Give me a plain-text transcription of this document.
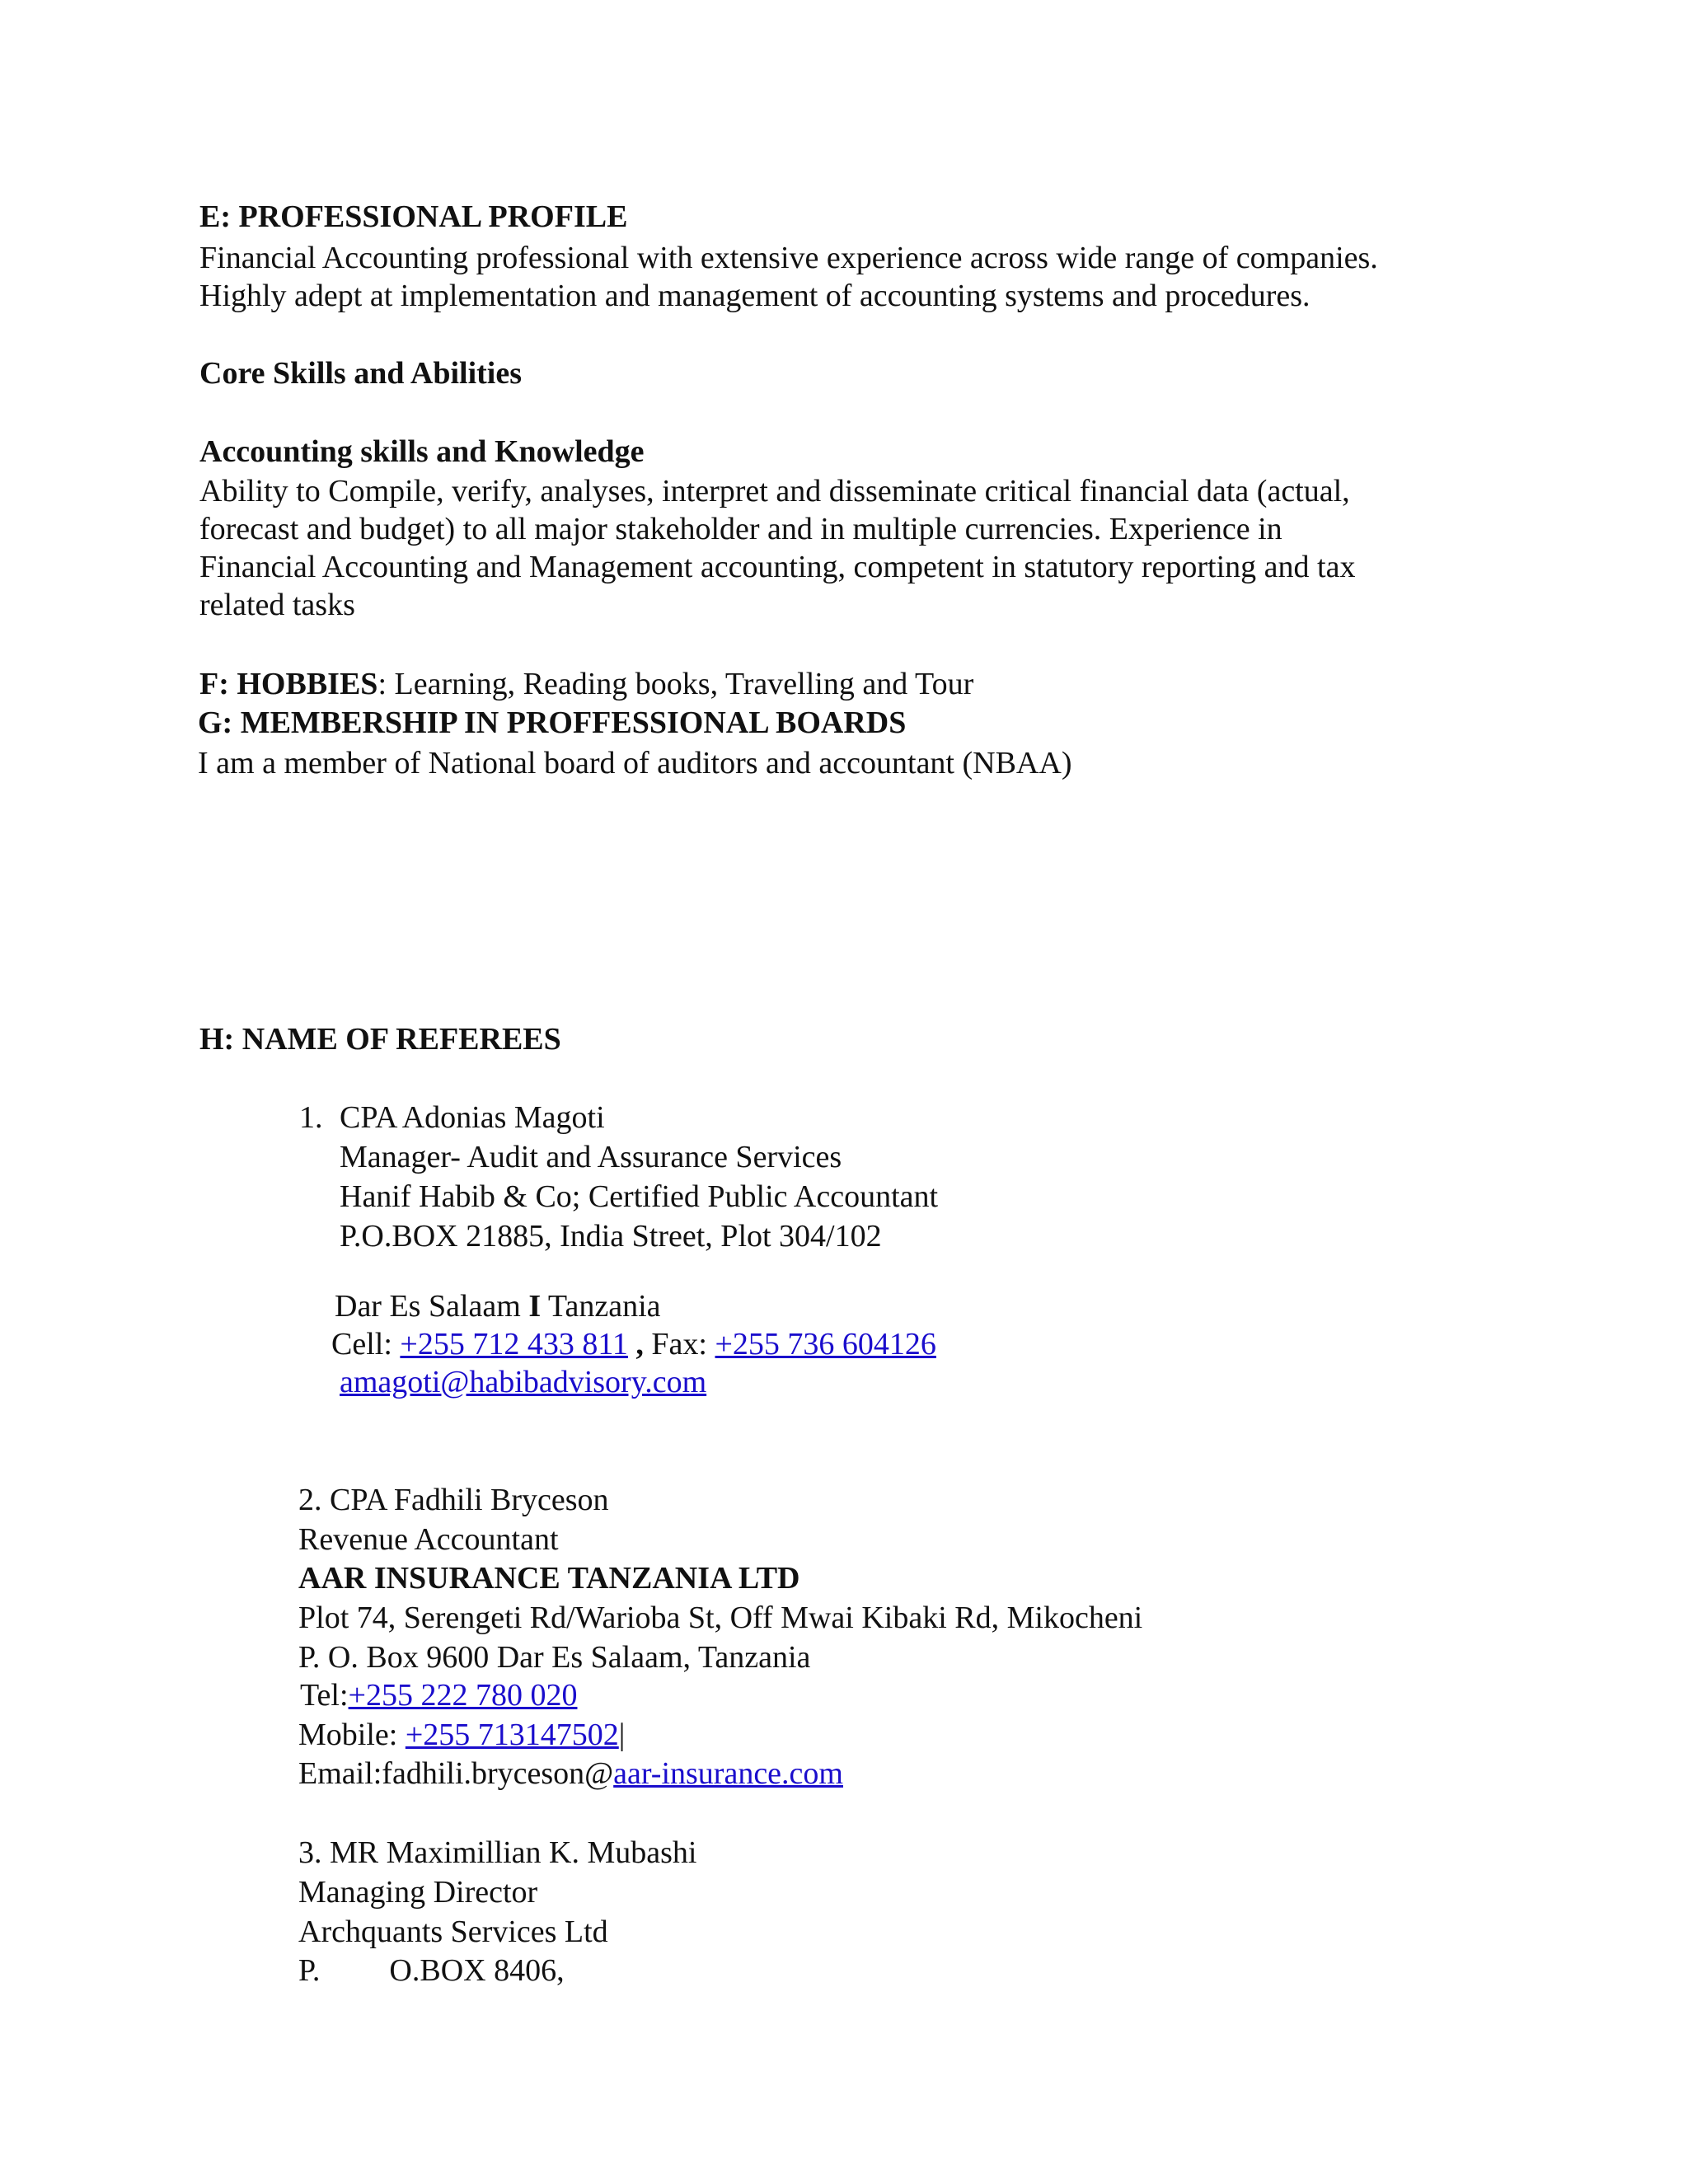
E: PROFESSIONAL PROFILE

Financial Accounting professional with extensive experience across wide range of companies.

Highly adept at implementation and management of accounting systems and procedures.

Core Skills and Abilities

Accounting skills and Knowledge

Ability to Compile, verify, analyses, interpret and disseminate critical financial data (actual,

forecast and budget) to all major stakeholder and in multiple currencies. Experience in

Financial Accounting and Management accounting, competent in statutory reporting and tax

related tasks

F: HOBBIES: Learning, Reading books, Travelling and Tour

G: MEMBERSHIP IN PROFFESSIONAL BOARDS

I am a member of National board of auditors and accountant (NBAA)

H: NAME OF REFEREES

1. CPA Adonias Magoti

Manager- Audit and Assurance Services

Hanif Habib & Co; Certified Public Accountant

P.O.BOX 21885, India Street, Plot 304/102

Dar Es Salaam I Tanzania

Cell: +255 712 433 811 , Fax: +255 736 604126

amagoti@habibadvisory.com

2. CPA Fadhili Bryceson

Revenue Accountant

AAR INSURANCE TANZANIA LTD

Plot 74, Serengeti Rd/Warioba St, Off Mwai Kibaki Rd, Mikocheni

P. O. Box 9600 Dar Es Salaam, Tanzania

Tel:+255 222 780 020

Mobile: +255 713147502|

Email:fadhili.bryceson@aar-insurance.com

3. MR Maximillian K. Mubashi

Managing Director

Archquants Services Ltd

P. O.BOX 8406,
